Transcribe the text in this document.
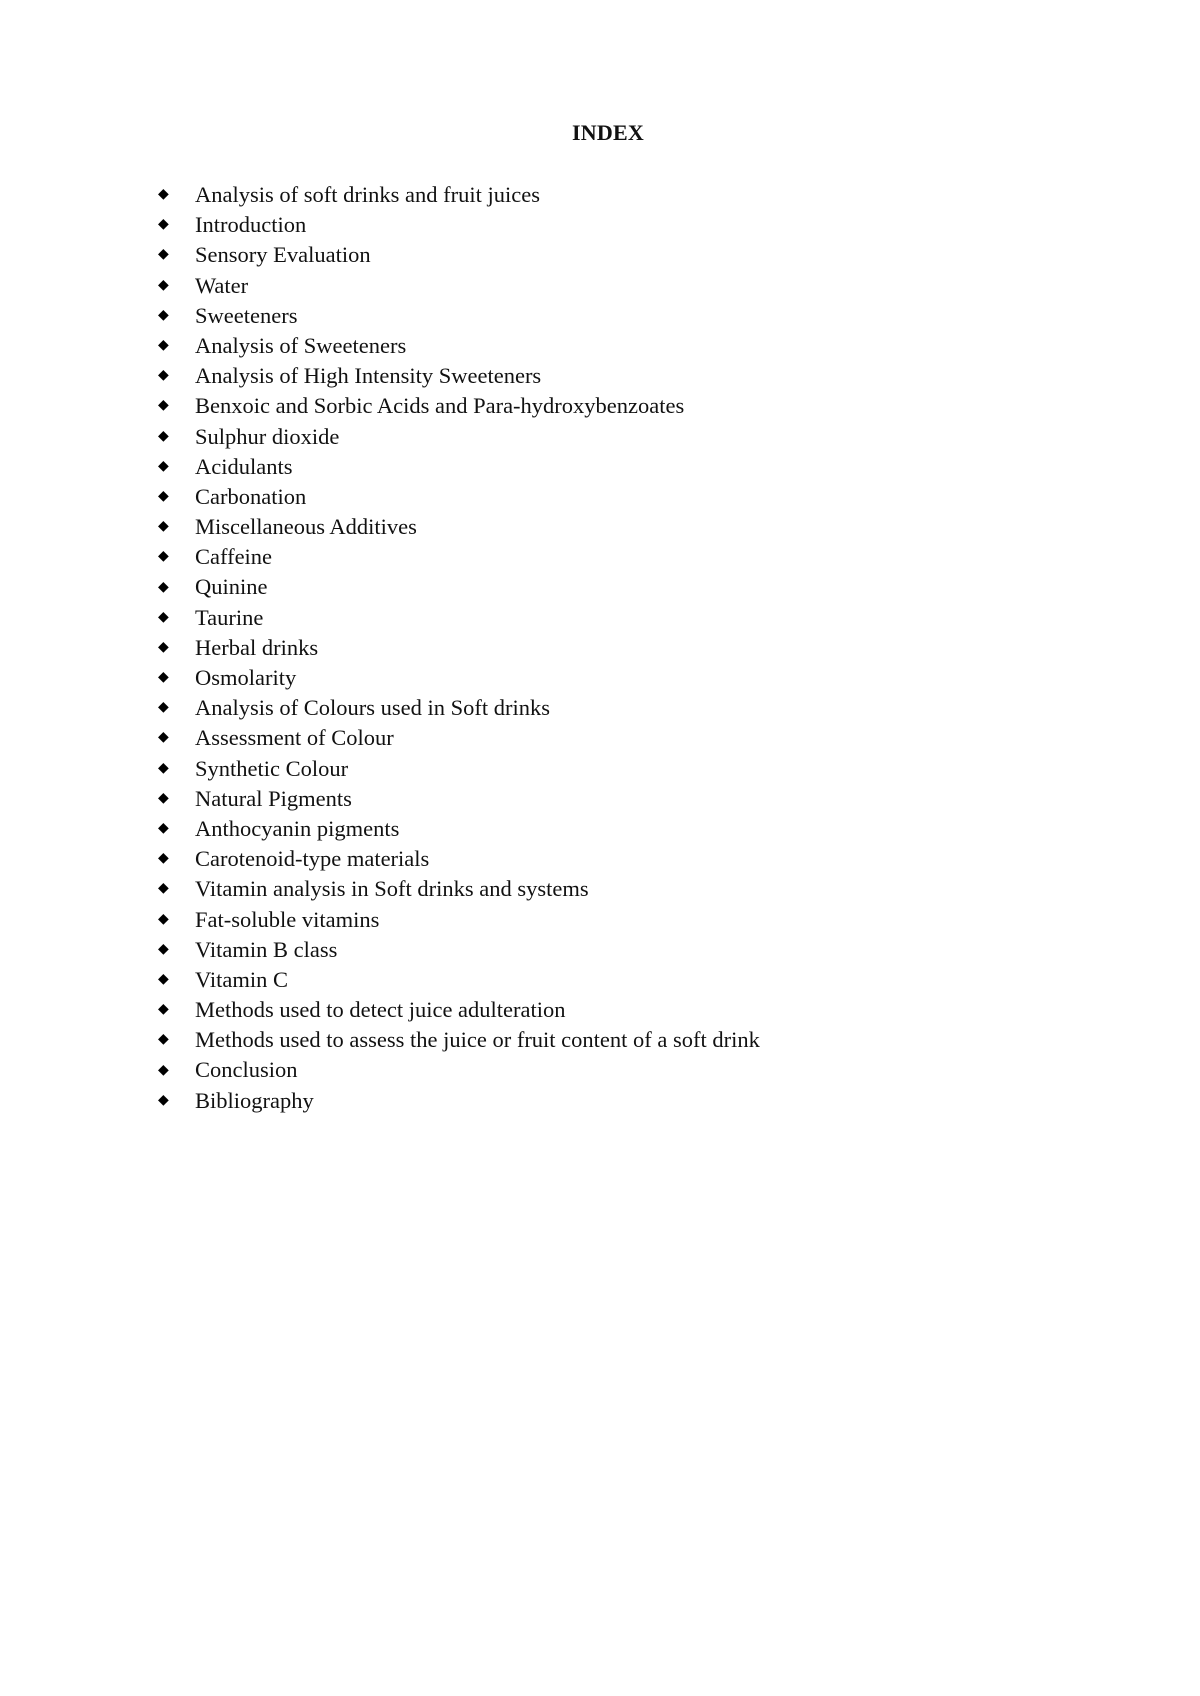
INDEX
◆	Analysis of soft drinks and fruit juices
◆	Introduction
◆	Sensory Evaluation
◆	Water
◆	Sweeteners
◆	Analysis of Sweeteners
◆	Analysis of High Intensity Sweeteners
◆	Benxoic and Sorbic Acids and Para-hydroxybenzoates
◆	Sulphur dioxide
◆	Acidulants
◆	Carbonation
◆	Miscellaneous Additives
◆	Caffeine
◆	Quinine
◆	Taurine
◆	Herbal drinks
◆	Osmolarity
◆	Analysis of Colours used in Soft drinks
◆	Assessment of Colour
◆	Synthetic Colour
◆	Natural Pigments
◆	Anthocyanin pigments
◆	Carotenoid-type materials
◆	Vitamin analysis in Soft drinks and systems
◆	Fat-soluble vitamins
◆	Vitamin B class
◆	Vitamin C
◆	Methods used to detect juice adulteration
◆	Methods used to assess the juice or fruit content of a soft drink
◆	Conclusion
◆	Bibliography
